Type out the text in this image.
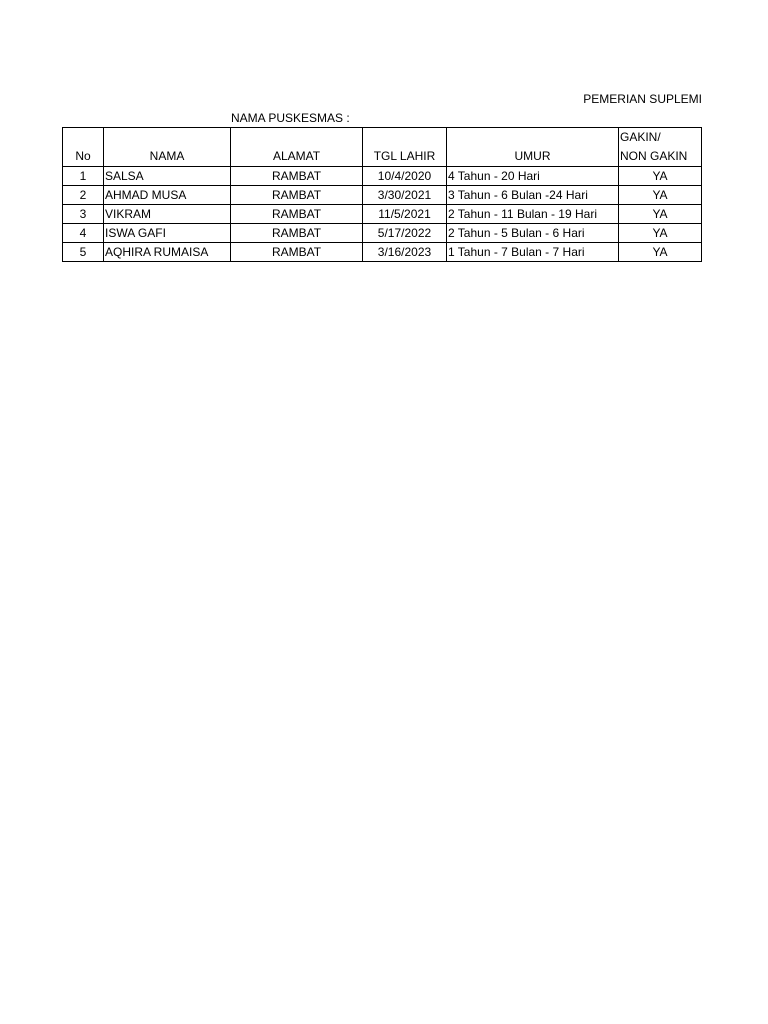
PEMERIAN SUPLEMI
NAMA PUSKESMAS :
No	NAMA	ALAMAT	TGL LAHIR	UMUR	GAKIN/
NON GAKIN

1	SALSA	RAMBAT	10/4/2020	4 Tahun - 20 Hari	YA
2	AHMAD MUSA	RAMBAT	3/30/2021	3 Tahun - 6 Bulan -24 Hari	YA
3	VIKRAM	RAMBAT	11/5/2021	2 Tahun - 11 Bulan - 19 Hari	YA
4	ISWA GAFI	RAMBAT	5/17/2022	2 Tahun - 5 Bulan - 6 Hari	YA
5	AQHIRA RUMAISA	RAMBAT	3/16/2023	1 Tahun - 7 Bulan - 7 Hari	YA
